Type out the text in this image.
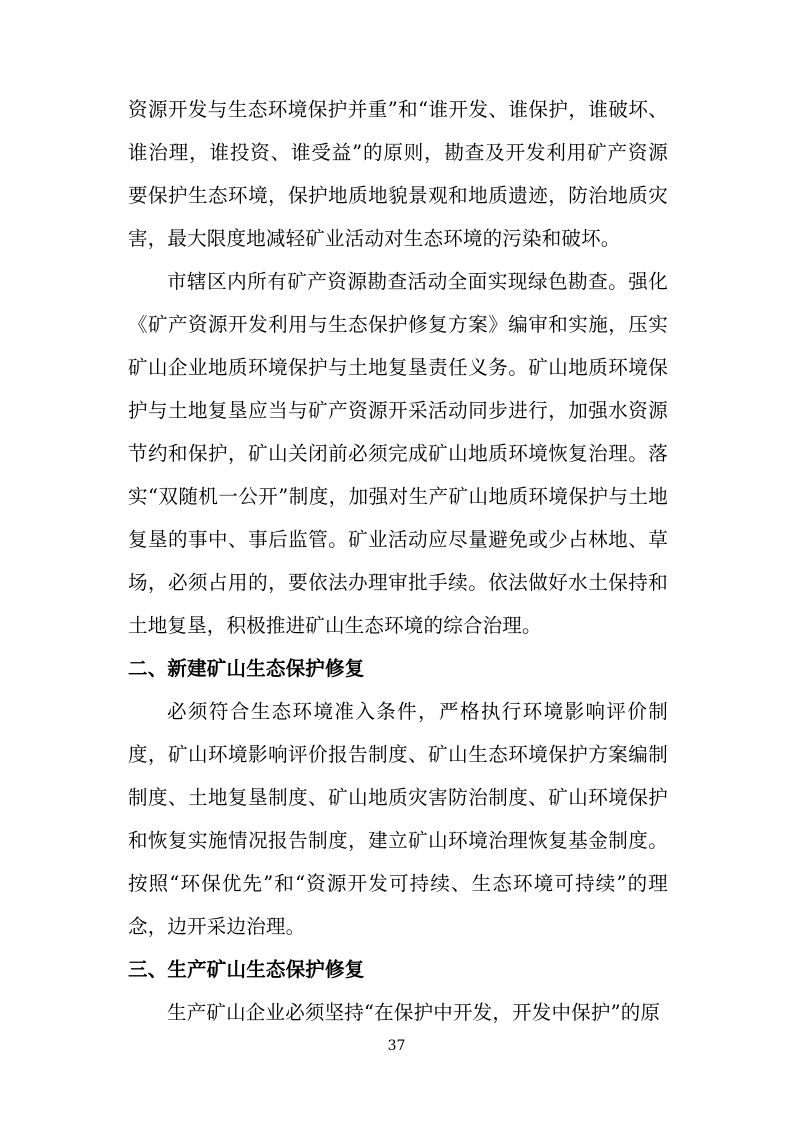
资源开发与生态环境保护并重”和“谁开发、谁保护，谁破坏、谁治理，谁投资、谁受益”的原则，勘查及开发利用矿产资源要保护生态环境，保护地质地貌景观和地质遗迹，防治地质灾害，最大限度地减轻矿业活动对生态环境的污染和破坏。

市辖区内所有矿产资源勘查活动全面实现绿色勘查。强化《矿产资源开发利用与生态保护修复方案》编审和实施，压实矿山企业地质环境保护与土地复垦责任义务。矿山地质环境保护与土地复垦应当与矿产资源开采活动同步进行，加强水资源节约和保护，矿山关闭前必须完成矿山地质环境恢复治理。落实“双随机一公开”制度，加强对生产矿山地质环境保护与土地复垦的事中、事后监管。矿业活动应尽量避免或少占林地、草场，必须占用的，要依法办理审批手续。依法做好水土保持和土地复垦，积极推进矿山生态环境的综合治理。

二、新建矿山生态保护修复

必须符合生态环境准入条件，严格执行环境影响评价制度，矿山环境影响评价报告制度、矿山生态环境保护方案编制制度、土地复垦制度、矿山地质灾害防治制度、矿山环境保护和恢复实施情况报告制度，建立矿山环境治理恢复基金制度。按照“环保优先”和“资源开发可持续、生态环境可持续”的理念，边开采边治理。

三、生产矿山生态保护修复

生产矿山企业必须坚持“在保护中开发，开发中保护”的原

37
